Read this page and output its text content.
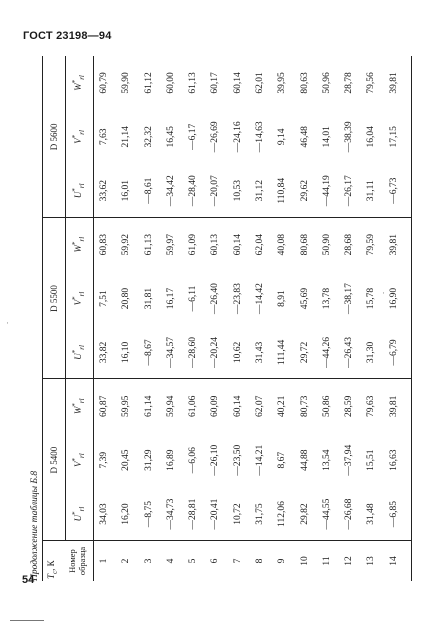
ГОСТ 23198—94
54
·
·
Продолжение таблицы Б.8 $T_c$, К	Номер образца
D 5400
$U^*_{rl}$
$V^*_{rl}$
$W^*_{rl}$
D 5500
$U^*_{rl}$
$V^*_{rl}$
$W^*_{rl}$
D 5600
$U^*_{rl}$
$V^*_{rl}$
$W^*_{rl}$
1
34,03
7,39
60,87
33,82
7,51
60,83
33,62
7,63
60,79
2
16,20
20,45
59,95
16,10
20,80
59,92
16,01
21,14
59,90
3
—8,75
31,29
61,14
—8,67
31,81
61,13
—8,61
32,32
61,12
4
—34,73
16,89
59,94
—34,57
16,17
59,97
—34,42
16,45
60,00
5
—28,81
—6,06
61,06
—28,60
—6,11
61,09
—28,40
—6,17
61,13
6
—20,41
—26,10
60,09
—20,24
—26,40
60,13
—20,07
—26,69
60,17
7
10,72
—23,50
60,14
10,62
—23,83
60,14
10,53
—24,16
60,14
8
31,75
—14,21
62,07
31,43
—14,42
62,04
31,12
—14,63
62,01
9
112,06
8,67
40,21
111,44
8,91
40,08
110,84
9,14
39,95
10
29,82
44,88
80,73
29,72
45,69
80,68
29,62
46,48
80,63
11
—44,55
13,54
50,86
—44,26
13,78
50,90
—44,19
14,01
50,96
12
—26,68
—37,94
28,59
—26,43
—38,17
28,68
—26,17
—38,39
28,78
13
31,48
15,51
79,63
31,30
15,78
79,59
31,11
16,04
79,56
14
—6,85
16,63
39,81
—6,79
16,90
39,81
—6,73
17,15
39,81
